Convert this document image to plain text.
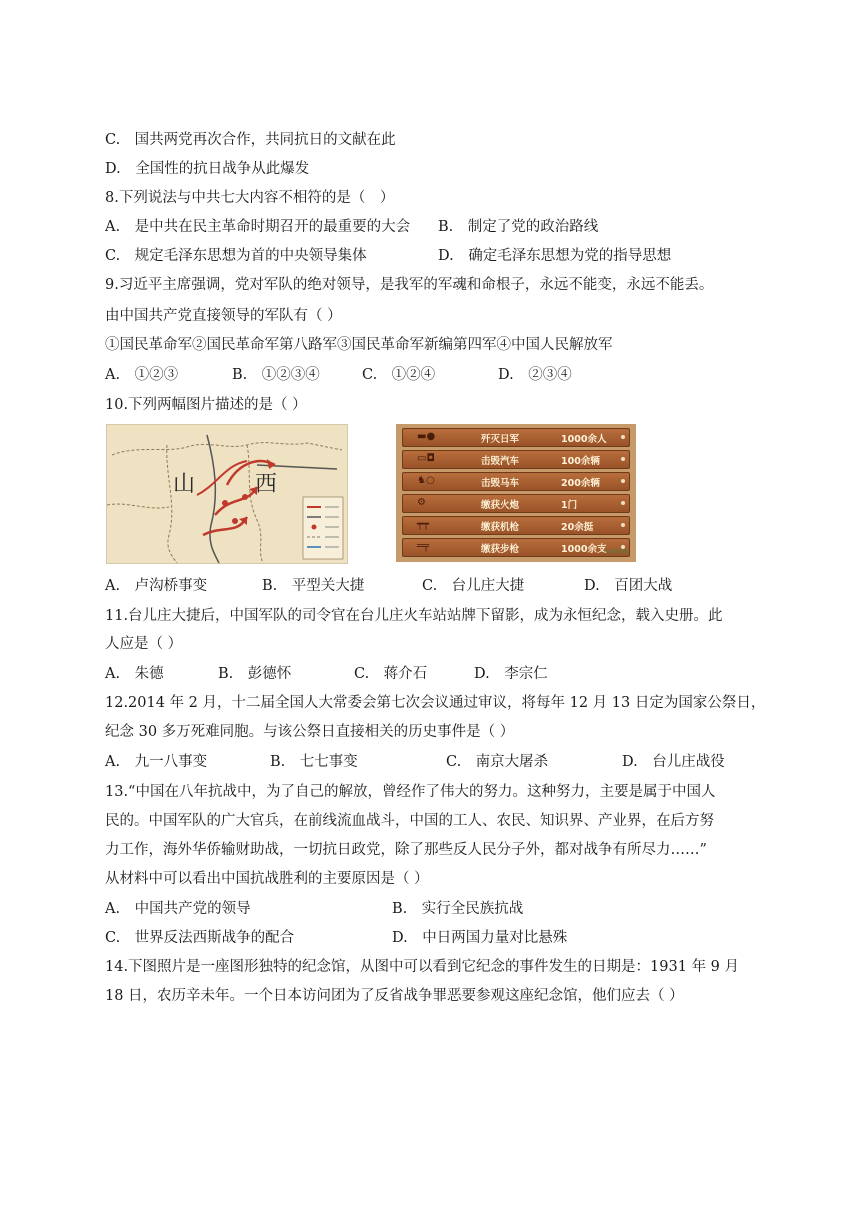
C.　国共两党再次合作，共同抗日的文献在此
D.　全国性的抗日战争从此爆发
8.下列说法与中共七大内容不相符的是（　）
A.　是中共在民主革命时期召开的最重要的大会 B.　制定了党的政治路线
C.　规定毛泽东思想为首的中央领导集体	D.　确定毛泽东思想为党的指导思想
9.习近平主席强调，党对军队的绝对领导，是我军的军魂和命根子，永远不能变，永远不能丢。
由中国共产党直接领导的军队有（ ）
①国民革命军②国民革命军第八路军③国民革命军新编第四军④中国人民解放军
A.　①②③	B.　①②③④	C.　①②④	D.　②③④
10.下列两幅图片描述的是（ ）
山	西
▬●	歼灭日军	1000余人
▭◘	击毁汽车	100余辆
♞○	击毁马车	200余辆
⚙	缴获火炮	1门
┯┯	缴获机枪	20余挺
═╤	缴获步枪	1000余支
中国军网
A.　卢沟桥事变	B.　平型关大捷	C.　台儿庄大捷	D.　百团大战
11.台儿庄大捷后，中国军队的司令官在台儿庄火车站站牌下留影，成为永恒纪念，载入史册。此
人应是（ ）
A.　朱德	B.　彭德怀	C.　蒋介石	D.　李宗仁
12.2014 年 2 月，十二届全国人大常委会第七次会议通过审议，将每年 12 月 13 日定为国家公祭日，
纪念 30 多万死难同胞。与该公祭日直接相关的历史事件是（ ）
A.　九一八事变	B.　七七事变	C.　南京大屠杀	D.　台儿庄战役
13.“中国在八年抗战中，为了自己的解放，曾经作了伟大的努力。这种努力，主要是属于中国人
民的。中国军队的广大官兵，在前线流血战斗，中国的工人、农民、知识界、产业界，在后方努
力工作，海外华侨输财助战，一切抗日政党，除了那些反人民分子外，都对战争有所尽力……”
从材料中可以看出中国抗战胜利的主要原因是（ ）
A.　中国共产党的领导	B.　实行全民族抗战
C.　世界反法西斯战争的配合	D.　中日两国力量对比悬殊
14.下图照片是一座图形独特的纪念馆，从图中可以看到它纪念的事件发生的日期是：1931 年 9 月
18 日，农历辛未年。一个日本访问团为了反省战争罪恶要参观这座纪念馆，他们应去（ ）
